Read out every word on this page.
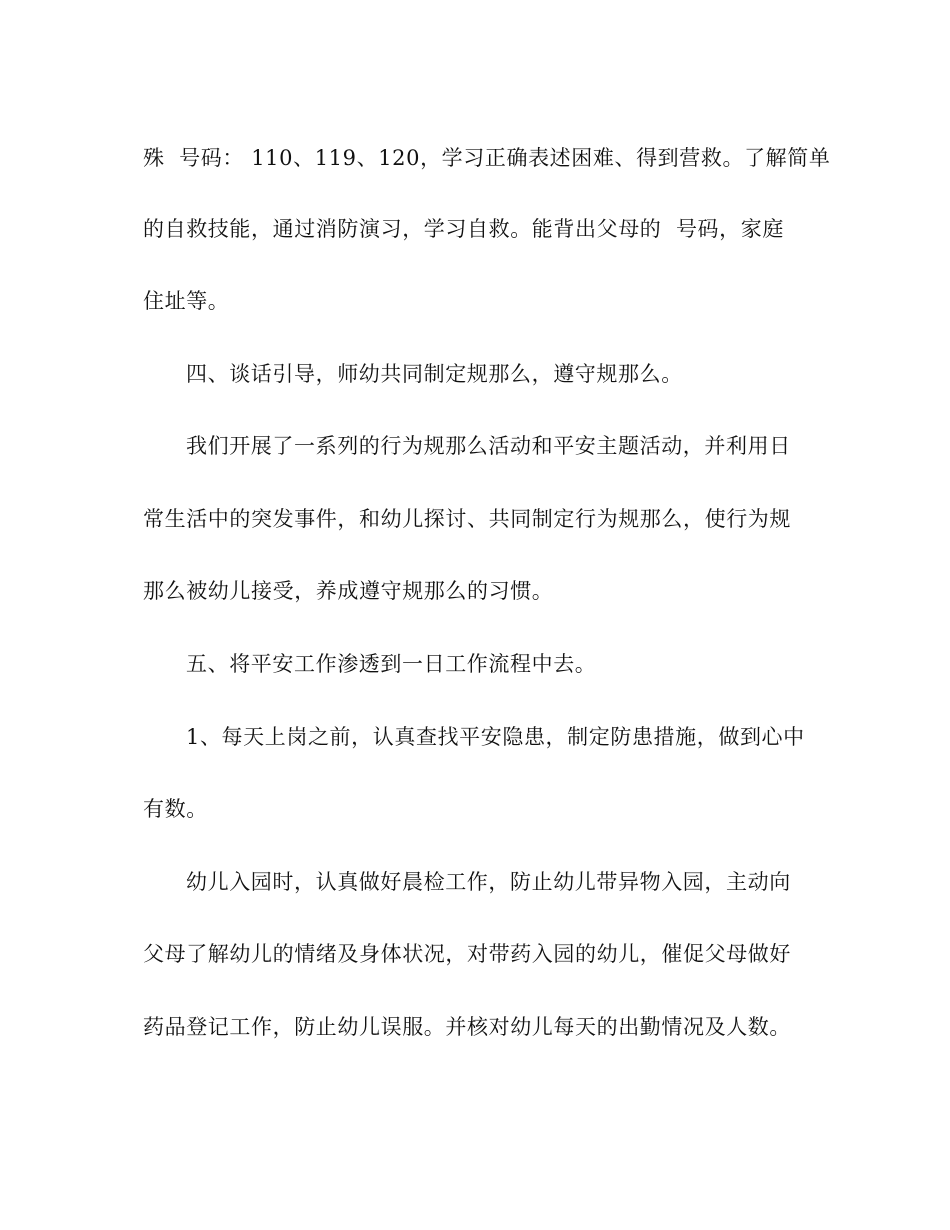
殊  号码： 110、119、120，学习正确表述困难、得到营救。了解简单
的自救技能，通过消防演习，学习自救。能背出父母的  号码，家庭
住址等。
四、谈话引导，师幼共同制定规那么，遵守规那么。
我们开展了一系列的行为规那么活动和平安主题活动，并利用日
常生活中的突发事件，和幼儿探讨、共同制定行为规那么，使行为规
那么被幼儿接受，养成遵守规那么的习惯。
五、将平安工作渗透到一日工作流程中去。
1、每天上岗之前，认真查找平安隐患，制定防患措施，做到心中
有数。
幼儿入园时，认真做好晨检工作，防止幼儿带异物入园，主动向
父母了解幼儿的情绪及身体状况，对带药入园的幼儿，催促父母做好
药品登记工作，防止幼儿误服。并核对幼儿每天的出勤情况及人数。
